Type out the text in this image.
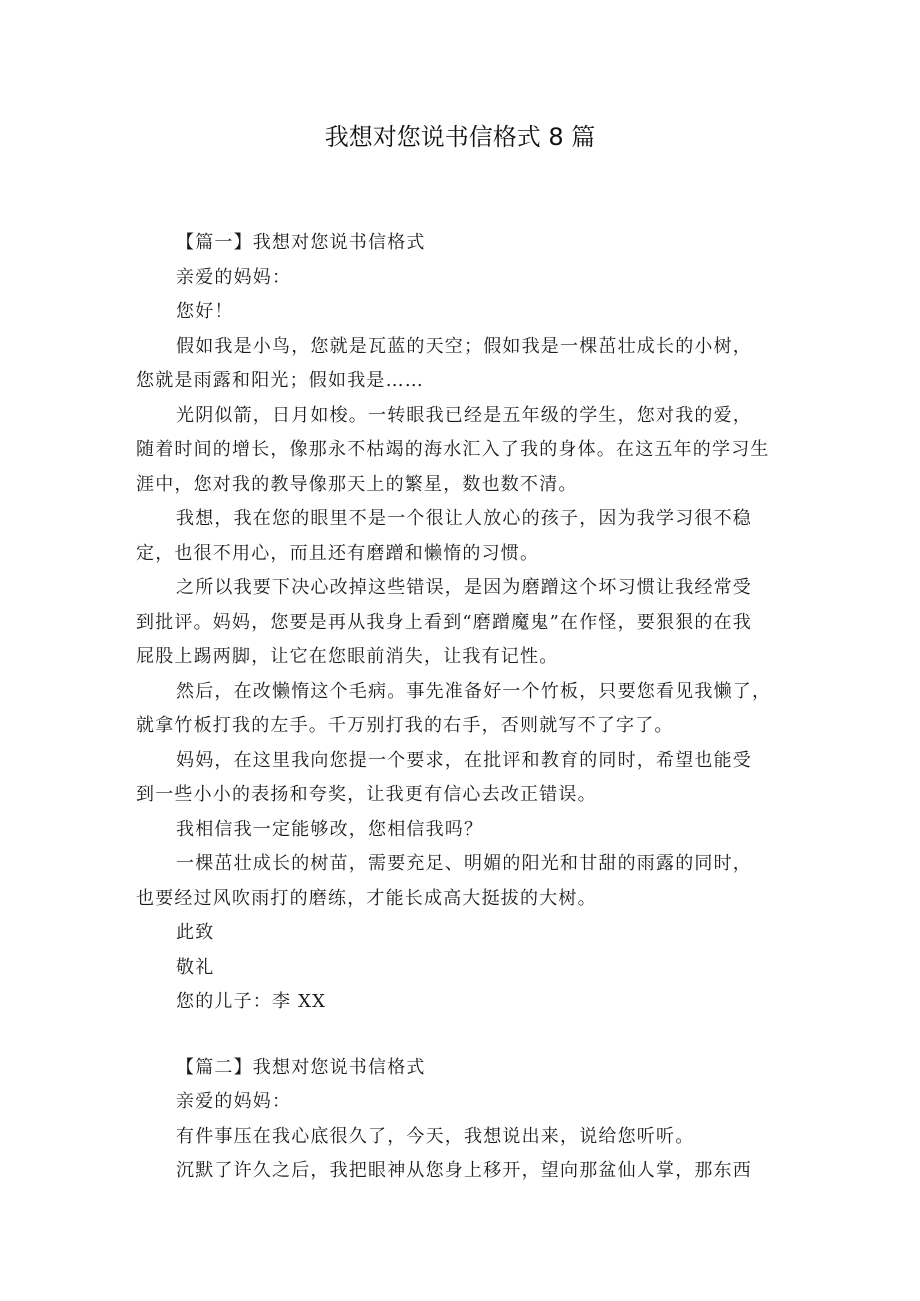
我想对您说书信格式 8 篇

【篇一】我想对您说书信格式

亲爱的妈妈：

您好！

假如我是小鸟，您就是瓦蓝的天空；假如我是一棵茁壮成长的小树，

您就是雨露和阳光；假如我是……

光阴似箭，日月如梭。一转眼我已经是五年级的学生，您对我的爱，

随着时间的增长，像那永不枯竭的海水汇入了我的身体。在这五年的学习生

涯中，您对我的教导像那天上的繁星，数也数不清。

我想，我在您的眼里不是一个很让人放心的孩子，因为我学习很不稳

定，也很不用心，而且还有磨蹭和懒惰的习惯。

之所以我要下决心改掉这些错误，是因为磨蹭这个坏习惯让我经常受

到批评。妈妈，您要是再从我身上看到“磨蹭魔鬼”在作怪，要狠狠的在我

屁股上踢两脚，让它在您眼前消失，让我有记性。

然后，在改懒惰这个毛病。事先准备好一个竹板，只要您看见我懒了，

就拿竹板打我的左手。千万别打我的右手，否则就写不了字了。

妈妈，在这里我向您提一个要求，在批评和教育的同时，希望也能受

到一些小小的表扬和夸奖，让我更有信心去改正错误。

我相信我一定能够改，您相信我吗？

一棵茁壮成长的树苗，需要充足、明媚的阳光和甘甜的雨露的同时，

也要经过风吹雨打的磨练，才能长成高大挺拔的大树。

此致

敬礼

您的儿子：李 XX

【篇二】我想对您说书信格式

亲爱的妈妈：

有件事压在我心底很久了，今天，我想说出来，说给您听听。

沉默了许久之后，我把眼神从您身上移开，望向那盆仙人掌，那东西
